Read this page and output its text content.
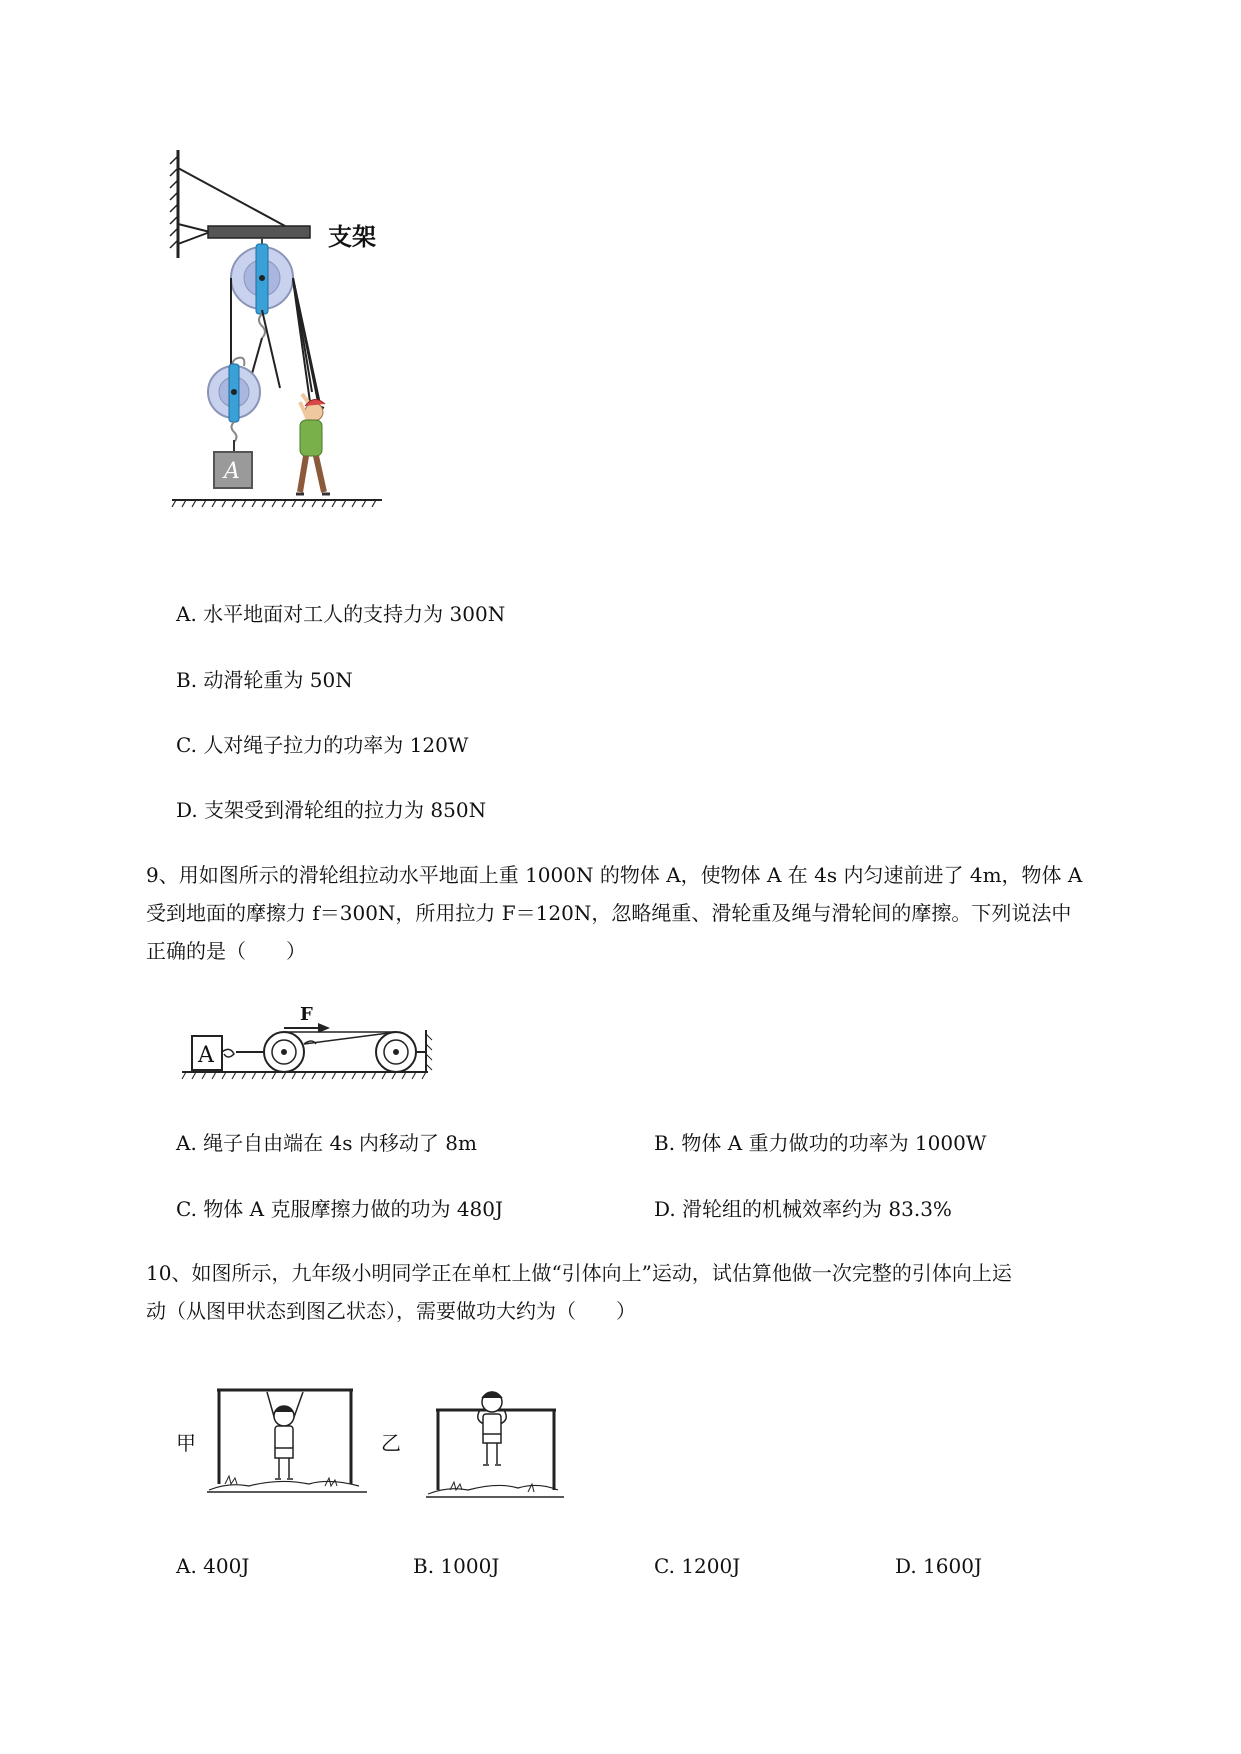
A
支架
A. 水平地面对工人的支持力为 300N
B. 动滑轮重为 50N
C. 人对绳子拉力的功率为 120W
D. 支架受到滑轮组的拉力为 850N
9、用如图所示的滑轮组拉动水平地面上重 1000N 的物体 A，使物体 A 在 4s 内匀速前进了 4m，物体 A
受到地面的摩擦力 f＝300N，所用拉力 F＝120N，忽略绳重、滑轮重及绳与滑轮间的摩擦。下列说法中
正确的是（　　）
A
F
A. 绳子自由端在 4s 内移动了 8m	B. 物体 A 重力做功的功率为 1000W
C. 物体 A 克服摩擦力做的功为 480J	D. 滑轮组的机械效率约为 83.3%
10、如图所示，九年级小明同学正在单杠上做“引体向上”运动，试估算他做一次完整的引体向上运
动（从图甲状态到图乙状态），需要做功大约为（　　）
甲	乙
A. 400J	B. 1000J	C. 1200J	D. 1600J
